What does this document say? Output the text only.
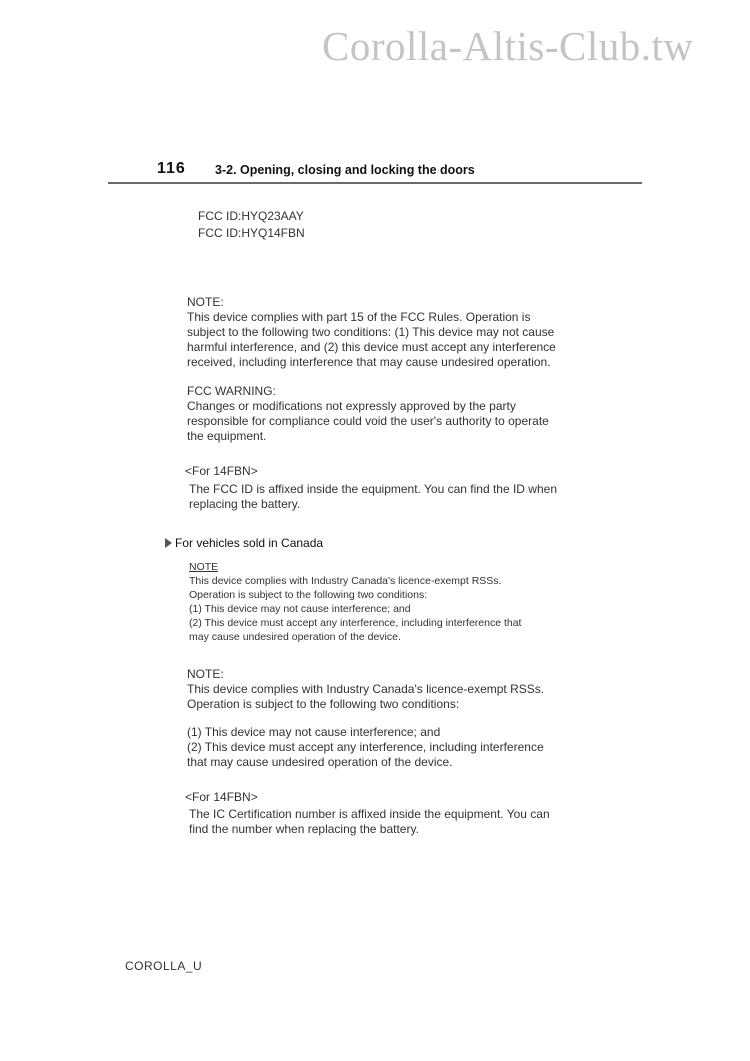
Corolla-Altis-Club.tw
116 3-2. Opening, closing and locking the doors
FCC ID:HYQ23AAY
FCC ID:HYQ14FBN
NOTE:
This device complies with part 15 of the FCC Rules. Operation is
subject to the following two conditions: (1) This device may not cause
harmful interference, and (2) this device must accept any interference
received, including interference that may cause undesired operation.
FCC WARNING:
Changes or modifications not expressly approved by the party
responsible for compliance could void the user's authority to operate
the equipment.
<For 14FBN>
The FCC ID is affixed inside the equipment. You can find the ID when
replacing the battery.
For vehicles sold in Canada
NOTE
This device complies with Industry Canada's licence-exempt RSSs.
Operation is subject to the following two conditions:
(1) This device may not cause interference; and
(2) This device must accept any interference, including interference that
may cause undesired operation of the device.
NOTE:
This device complies with Industry Canada's licence-exempt RSSs.
Operation is subject to the following two conditions:
(1) This device may not cause interference; and
(2) This device must accept any interference, including interference
that may cause undesired operation of the device.
<For 14FBN>
The IC Certification number is affixed inside the equipment. You can
find the number when replacing the battery.
COROLLA_U
